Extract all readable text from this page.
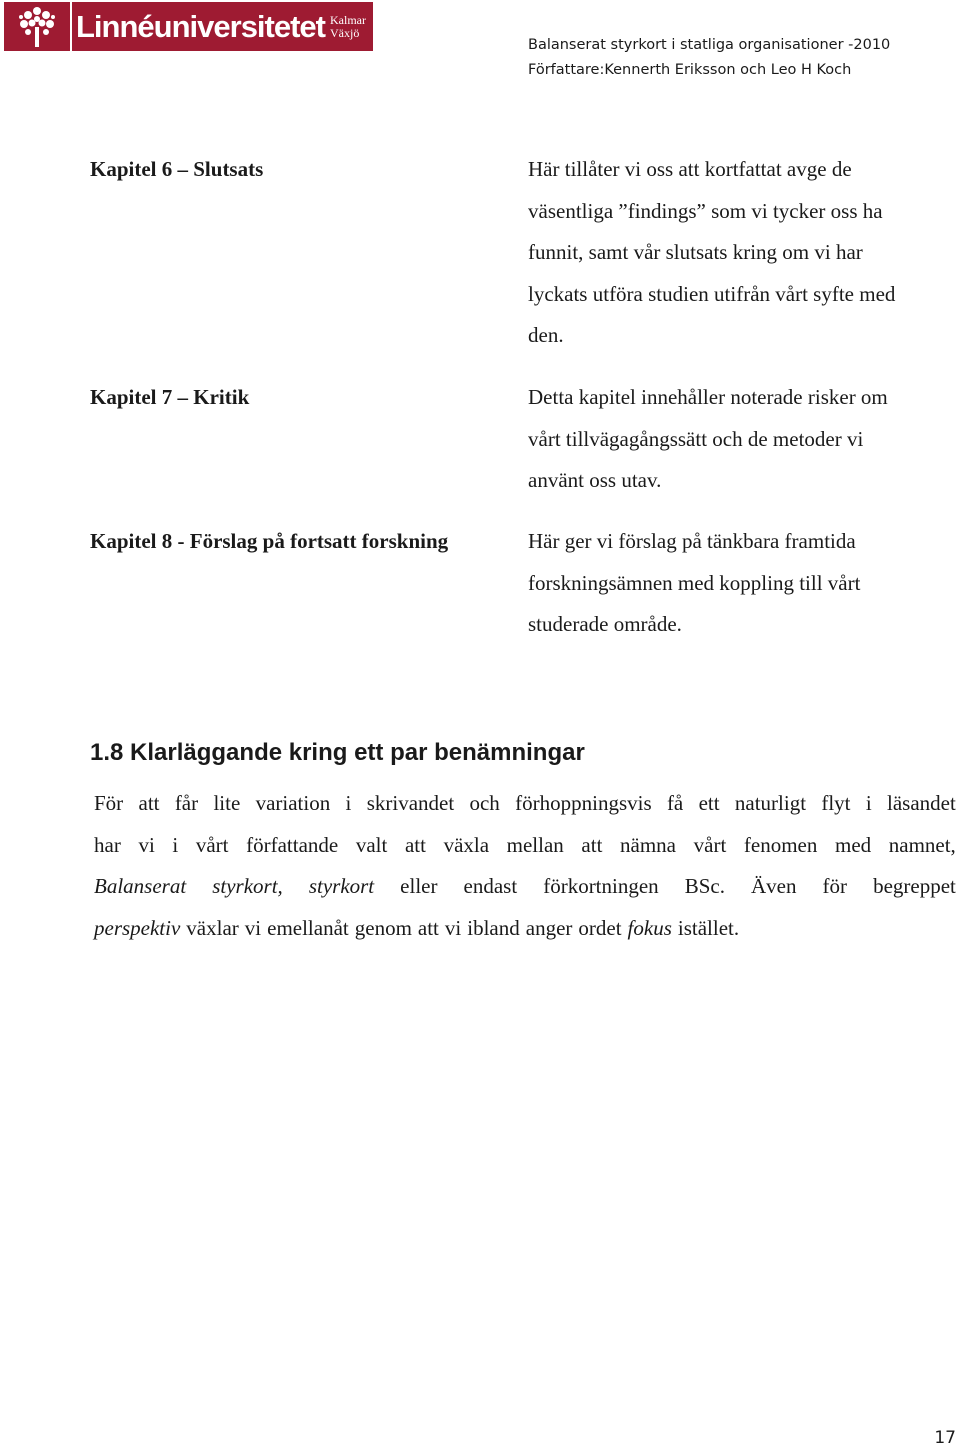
Linnéuniversitetet Kalmar
Växjö
Balanserat styrkort i statliga organisationer -2010
Författare:Kennerth Eriksson och Leo H Koch
Kapitel 6 – Slutsats	Här tillåter vi oss att kortfattat avge de
väsentliga ”findings” som vi tycker oss ha
funnit, samt vår slutsats kring om vi har
lyckats utföra studien utifrån vårt syfte med
den.
Kapitel 7 – Kritik	Detta kapitel innehåller noterade risker om
vårt tillvägagångssätt och de metoder vi
använt oss utav.
Kapitel 8 - Förslag på fortsatt forskning	Här ger vi förslag på tänkbara framtida
forskningsämnen med koppling till vårt
studerade område.
1.8 Klarläggande kring ett par benämningar
För att får lite variation i skrivandet och förhoppningsvis få ett naturligt flyt i läsandet
har vi i vårt författande valt att växla mellan att nämna vårt fenomen med namnet,
Balanserat styrkort, styrkort eller endast förkortningen BSc. Även för begreppet
perspektiv växlar vi emellanåt genom att vi ibland anger ordet fokus istället.
17
